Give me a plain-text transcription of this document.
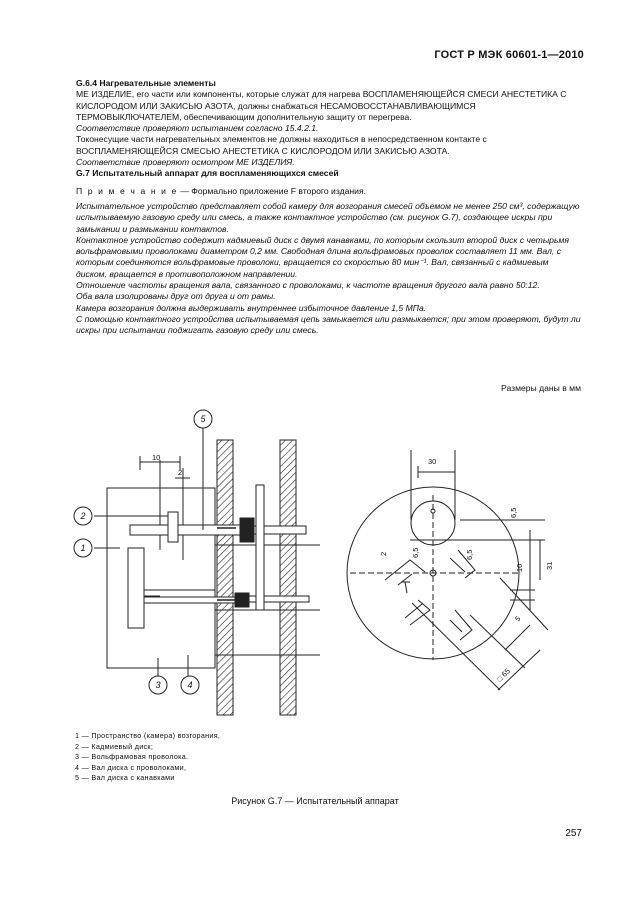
ГОСТ Р МЭК 60601-1—2010

G.6.4 Нагревательные элементы

МЕ ИЗДЕЛИЕ, его части или компоненты, которые служат для нагрева ВОСПЛАМЕНЯЮЩЕЙСЯ СМЕСИ АНЕСТЕТИКА С КИСЛОРОДОМ ИЛИ ЗАКИСЬЮ АЗОТА, должны снабжаться НЕСАМОВОССТАНАВЛИВАЮЩИМСЯ ТЕРМОВЫКЛЮЧАТЕЛЕМ, обеспечивающим дополнительную защиту от перегрева.

Соответствие проверяют испытанием согласно 15.4.2.1.

Токонесущие части нагревательных элементов не должны находиться в непосредственном контакте с ВОСПЛАМЕНЯЮЩЕЙСЯ СМЕСЬЮ АНЕСТЕТИКА С КИСЛОРОДОМ ИЛИ ЗАКИСЬЮ АЗОТА.

Соответствие проверяют осмотром МЕ ИЗДЕЛИЯ.

G.7 Испытательный аппарат для воспламеняющихся смесей

П р и м е ч а н и е — Формально приложение F второго издания.

Испытательное устройство представляет собой камеру для возгорания смесей объемом не менее 250 см³, содержащую испытываемую газовую среду или смесь, а также контактное устройство (см. рисунок G.7), создающее искры при замыкании и размыкании контактов.

Контактное устройство содержит кадмиевый диск с двумя канавками, по которым скользит второй диск с четырьмя вольфрамовыми проволоками диаметром 0,2 мм. Свободная длина вольфрамовых проволок составляет 11 мм. Вал, с которым соединяются вольфрамовые проволоки, вращается со скоростью 80 мин⁻¹. Вал, связанный с кадмиевым диском, вращается в противоположном направлении.

Отношение частоты вращения вала, связанного с проволоками, к частоте вращения другого вала равно 50:12.

Оба вала изолированы друг от друга и от рамы.

Камера возгорания должна выдерживать внутреннее избыточное давление 1,5 МПа.

С помощью контактного устройства испытываемая цепь замыкается или размыкается; при этом проверяют, будут ли искры при испытании поджигать газовую среду или смесь.

Размеры даны в мм
2
1
3	4
5
10
2
30
6,5
6,5	6,5
2
31
10
5
□ 65
1 — Пространство (камера) возгорания,
2 — Кадмиевый диск;
3 — Вольфрамовая проволока.
4 — Вал диска с проволоками,
5 — Вал диска с канавками
Рисунок G.7 — Испытательный аппарат
257
